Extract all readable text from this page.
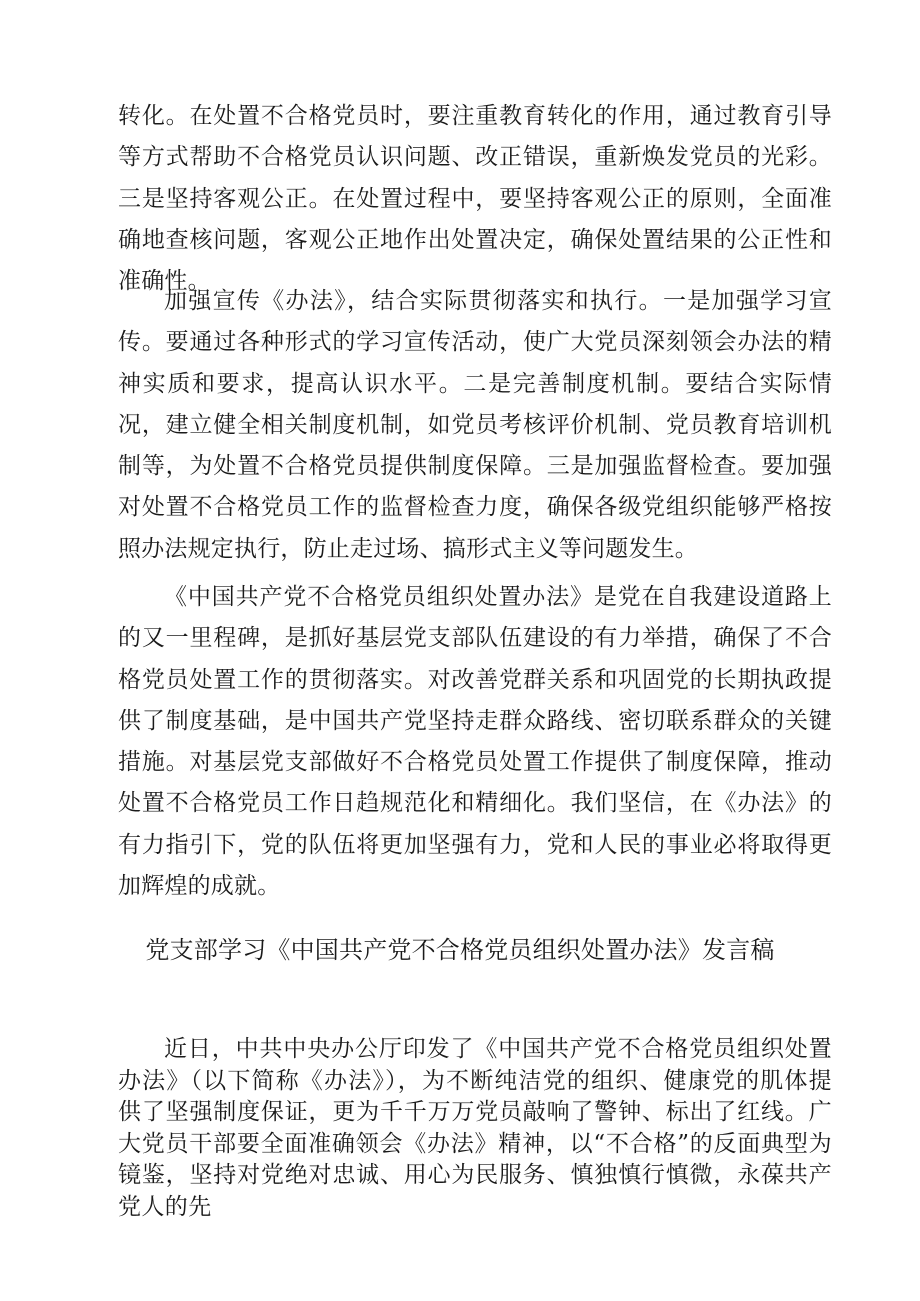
转化。在处置不合格党员时，要注重教育转化的作用，通过教育引导等方式帮助不合格党员认识问题、改正错误，重新焕发党员的光彩。三是坚持客观公正。在处置过程中，要坚持客观公正的原则，全面准确地查核问题，客观公正地作出处置决定，确保处置结果的公正性和准确性。

加强宣传《办法》，结合实际贯彻落实和执行。一是加强学习宣传。要通过各种形式的学习宣传活动，使广大党员深刻领会办法的精神实质和要求，提高认识水平。二是完善制度机制。要结合实际情况，建立健全相关制度机制，如党员考核评价机制、党员教育培训机制等，为处置不合格党员提供制度保障。三是加强监督检查。要加强对处置不合格党员工作的监督检查力度，确保各级党组织能够严格按照办法规定执行，防止走过场、搞形式主义等问题发生。

《中国共产党不合格党员组织处置办法》是党在自我建设道路上的又一里程碑，是抓好基层党支部队伍建设的有力举措，确保了不合格党员处置工作的贯彻落实。对改善党群关系和巩固党的长期执政提供了制度基础，是中国共产党坚持走群众路线、密切联系群众的关键措施。对基层党支部做好不合格党员处置工作提供了制度保障，推动处置不合格党员工作日趋规范化和精细化。我们坚信，在《办法》的有力指引下，党的队伍将更加坚强有力，党和人民的事业必将取得更加辉煌的成就。

党支部学习《中国共产党不合格党员组织处置办法》发言稿

近日，中共中央办公厅印发了《中国共产党不合格党员组织处置办法》（以下简称《办法》），为不断纯洁党的组织、健康党的肌体提供了坚强制度保证，更为千千万万党员敲响了警钟、标出了红线。广大党员干部要全面准确领会《办法》精神，以“不合格”的反面典型为镜鉴，坚持对党绝对忠诚、用心为民服务、慎独慎行慎微，永葆共产党人的先
